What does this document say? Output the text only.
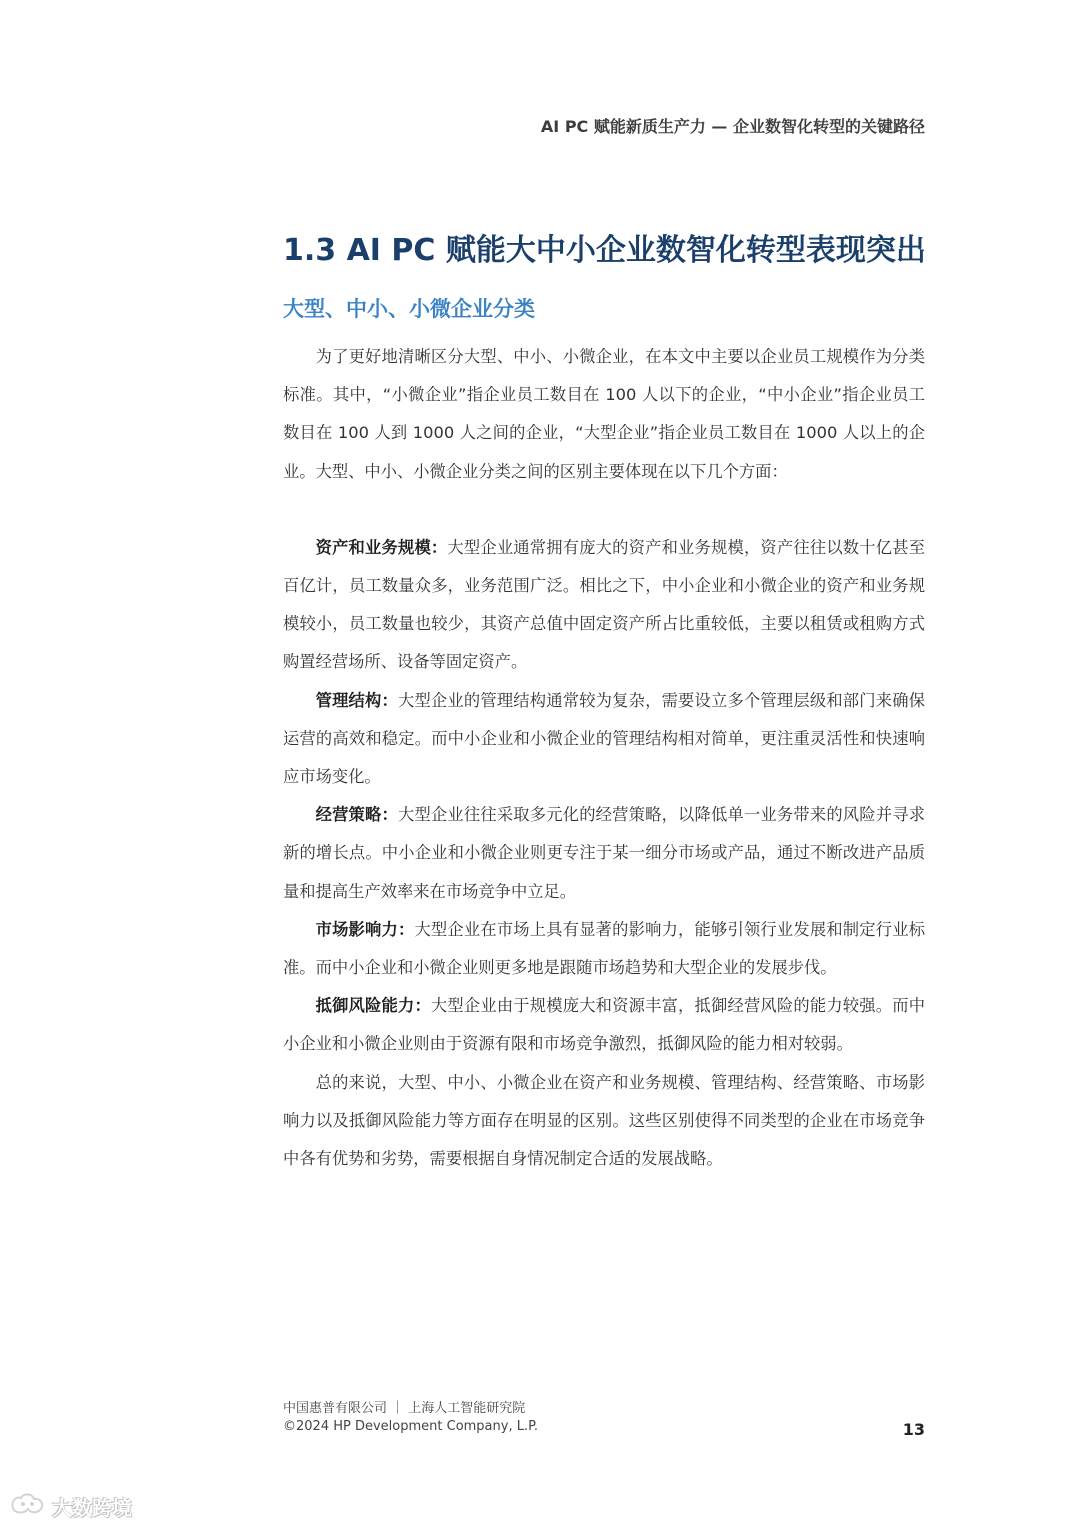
AI PC 赋能新质生产力 — 企业数智化转型的关键路径
1.3 AI PC 赋能大中小企业数智化转型表现突出
大型、中小、小微企业分类

为了更好地清晰区分大型、中小、小微企业，在本文中主要以企业员工规模作为分类标准。其中，“小微企业”指企业员工数目在 100 人以下的企业，“中小企业”指企业员工数目在 100 人到 1000 人之间的企业，“大型企业”指企业员工数目在 1000 人以上的企业。大型、中小、小微企业分类之间的区别主要体现在以下几个方面：

资产和业务规模：大型企业通常拥有庞大的资产和业务规模，资产往往以数十亿甚至百亿计，员工数量众多，业务范围广泛。相比之下，中小企业和小微企业的资产和业务规模较小，员工数量也较少，其资产总值中固定资产所占比重较低，主要以租赁或租购方式购置经营场所、设备等固定资产。

管理结构：大型企业的管理结构通常较为复杂，需要设立多个管理层级和部门来确保运营的高效和稳定。而中小企业和小微企业的管理结构相对简单，更注重灵活性和快速响应市场变化。

经营策略：大型企业往往采取多元化的经营策略，以降低单一业务带来的风险并寻求新的增长点。中小企业和小微企业则更专注于某一细分市场或产品，通过不断改进产品质量和提高生产效率来在市场竞争中立足。

市场影响力：大型企业在市场上具有显著的影响力，能够引领行业发展和制定行业标准。而中小企业和小微企业则更多地是跟随市场趋势和大型企业的发展步伐。

抵御风险能力：大型企业由于规模庞大和资源丰富，抵御经营风险的能力较强。而中小企业和小微企业则由于资源有限和市场竞争激烈，抵御风险的能力相对较弱。

总的来说，大型、中小、小微企业在资产和业务规模、管理结构、经营策略、市场影响力以及抵御风险能力等方面存在明显的区别。这些区别使得不同类型的企业在市场竞争中各有优势和劣势，需要根据自身情况制定合适的发展战略。

中国惠普有限公司 ｜ 上海人工智能研究院
©2024 HP Development Company, L.P.	13
大数跨境
